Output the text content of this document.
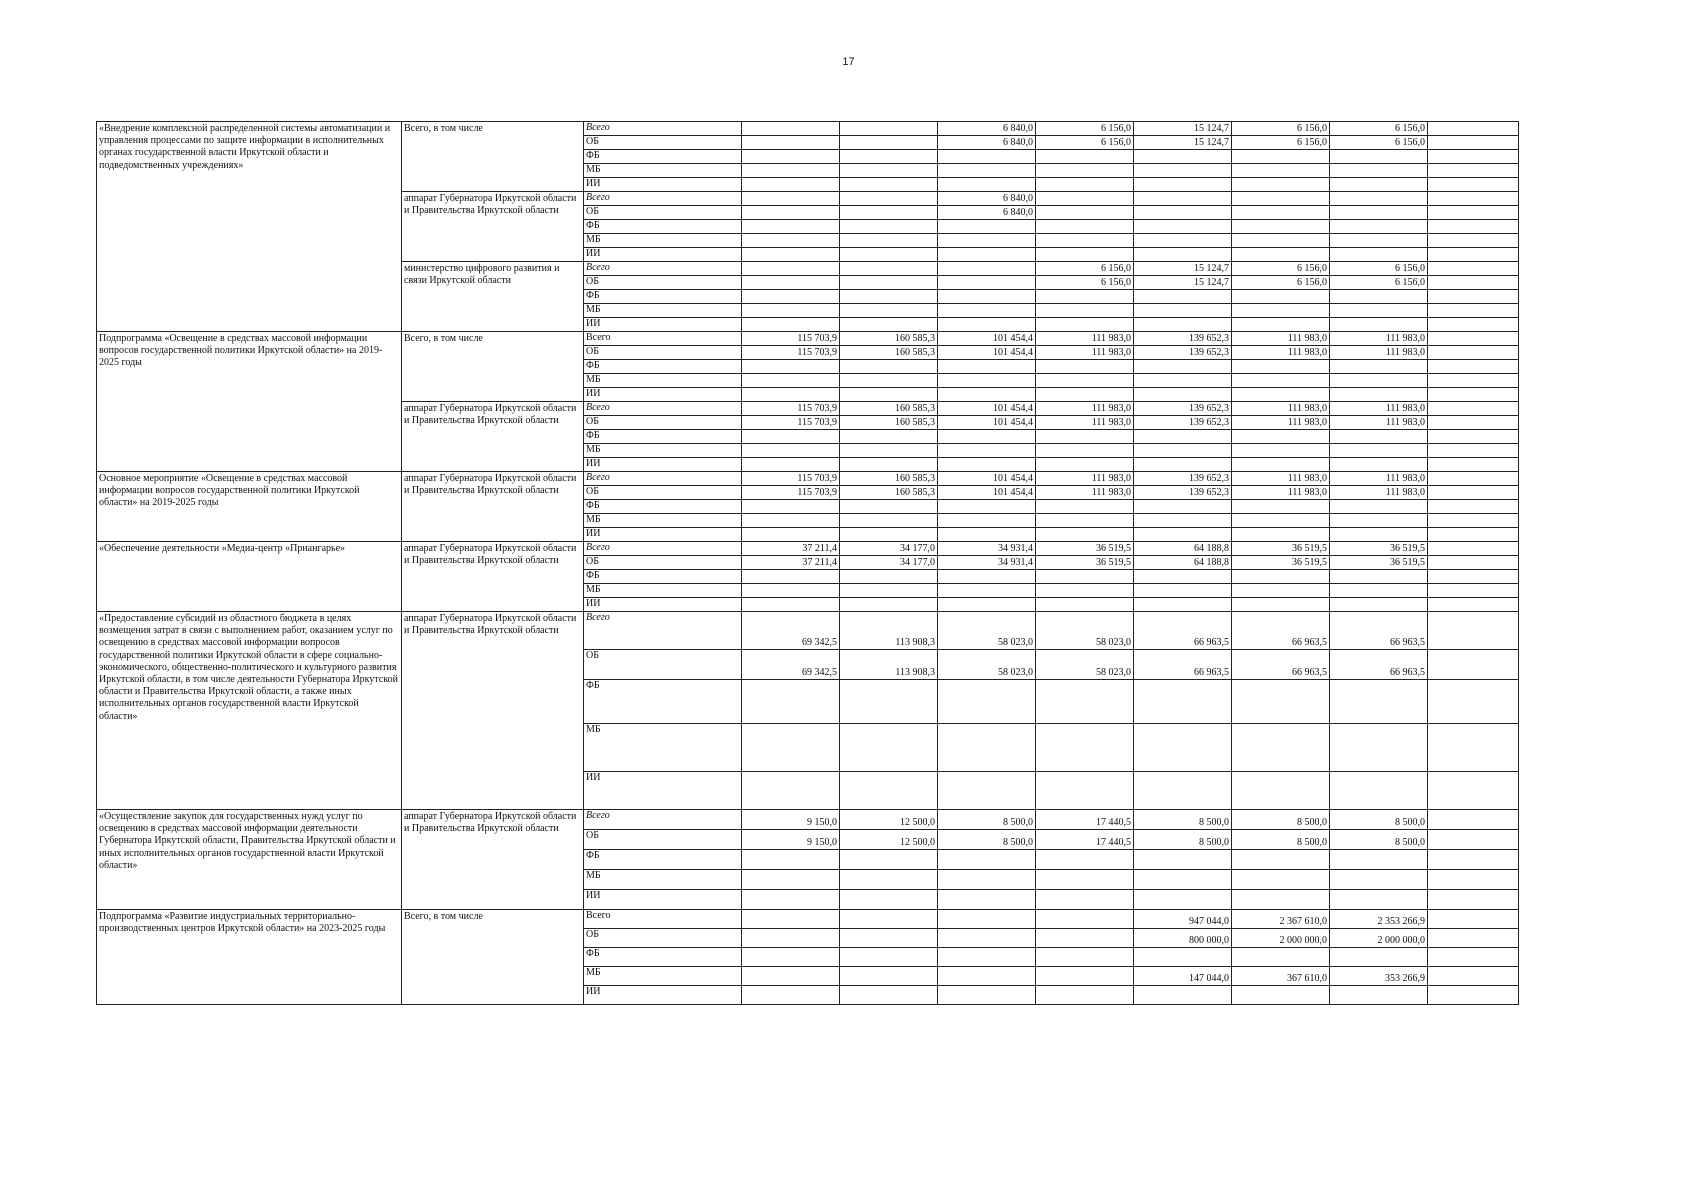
17
«Внедрение комплексной распределенной системы автоматизации и управления процессами по защите информации в исполнительных органах государственной власти Иркутской области и подведомственных учреждениях»	Всего, в том числе	Всего			6 840,0	6 156,0	15 124,7	6 156,0	6 156,0	
		ОБ			6 840,0	6 156,0	15 124,7	6 156,0	6 156,0	
		ФБ								
		МБ								
		ИИ								
	аппарат Губернатора Иркутской области и Правительства Иркутской области	Всего			6 840,0					
		ОБ			6 840,0					
		ФБ								
		МБ								
		ИИ								
	министерство цифрового развития и связи Иркутской области	Всего				6 156,0	15 124,7	6 156,0	6 156,0	
		ОБ				6 156,0	15 124,7	6 156,0	6 156,0	
		ФБ								
		МБ								
		ИИ								
Подпрограмма «Освещение в средствах массовой информации вопросов государственной политики Иркутской области» на 2019-2025 годы	Всего, в том числе	Всего	115 703,9	160 585,3	101 454,4	111 983,0	139 652,3	111 983,0	111 983,0	
		ОБ	115 703,9	160 585,3	101 454,4	111 983,0	139 652,3	111 983,0	111 983,0	
		ФБ								
		МБ								
		ИИ								
	аппарат Губернатора Иркутской области и Правительства Иркутской области	Всего	115 703,9	160 585,3	101 454,4	111 983,0	139 652,3	111 983,0	111 983,0	
		ОБ	115 703,9	160 585,3	101 454,4	111 983,0	139 652,3	111 983,0	111 983,0	
		ФБ								
		МБ								
		ИИ								
Основное мероприятие «Освещение в средствах массовой информации вопросов государственной политики Иркутской области» на 2019-2025 годы	аппарат Губернатора Иркутской области и Правительства Иркутской области	Всего	115 703,9	160 585,3	101 454,4	111 983,0	139 652,3	111 983,0	111 983,0	
		ОБ	115 703,9	160 585,3	101 454,4	111 983,0	139 652,3	111 983,0	111 983,0	
		ФБ								
		МБ								
		ИИ								
«Обеспечение деятельности «Медиа-центр «Приангарье»	аппарат Губернатора Иркутской области и Правительства Иркутской области	Всего	37 211,4	34 177,0	34 931,4	36 519,5	64 188,8	36 519,5	36 519,5	
		ОБ	37 211,4	34 177,0	34 931,4	36 519,5	64 188,8	36 519,5	36 519,5	
		ФБ								
		МБ								
		ИИ								
«Предоставление субсидий из областного бюджета в целях возмещения затрат в связи с выполнением работ, оказанием услуг по освещению в средствах массовой информации вопросов государственной политики Иркутской области в сфере социально-экономического, общественно-политического и культурного развития Иркутской области, в том числе деятельности Губернатора Иркутской области и Правительства Иркутской области, а также иных исполнительных органов государственной власти Иркутской области»	аппарат Губернатора Иркутской области и Правительства Иркутской области	Всего	69 342,5	113 908,3	58 023,0	58 023,0	66 963,5	66 963,5	66 963,5	
		ОБ	69 342,5	113 908,3	58 023,0	58 023,0	66 963,5	66 963,5	66 963,5	
		ФБ								
		МБ								
		ИИ								
«Осуществление закупок для государственных нужд услуг по освещению в средствах массовой информации деятельности Губернатора Иркутской области, Правительства Иркутской области и иных исполнительных органов государственной власти Иркутской области»	аппарат Губернатора Иркутской области и Правительства Иркутской области	Всего	9 150,0	12 500,0	8 500,0	17 440,5	8 500,0	8 500,0	8 500,0	
		ОБ	9 150,0	12 500,0	8 500,0	17 440,5	8 500,0	8 500,0	8 500,0	
		ФБ								
		МБ								
		ИИ								
Подпрограмма «Развитие индустриальных территориально-производственных центров Иркутской области» на 2023-2025 годы	Всего, в том числе	Всего					947 044,0	2 367 610,0	2 353 266,9	
		ОБ					800 000,0	2 000 000,0	2 000 000,0	
		ФБ								
		МБ					147 044,0	367 610,0	353 266,9	
		ИИ								
